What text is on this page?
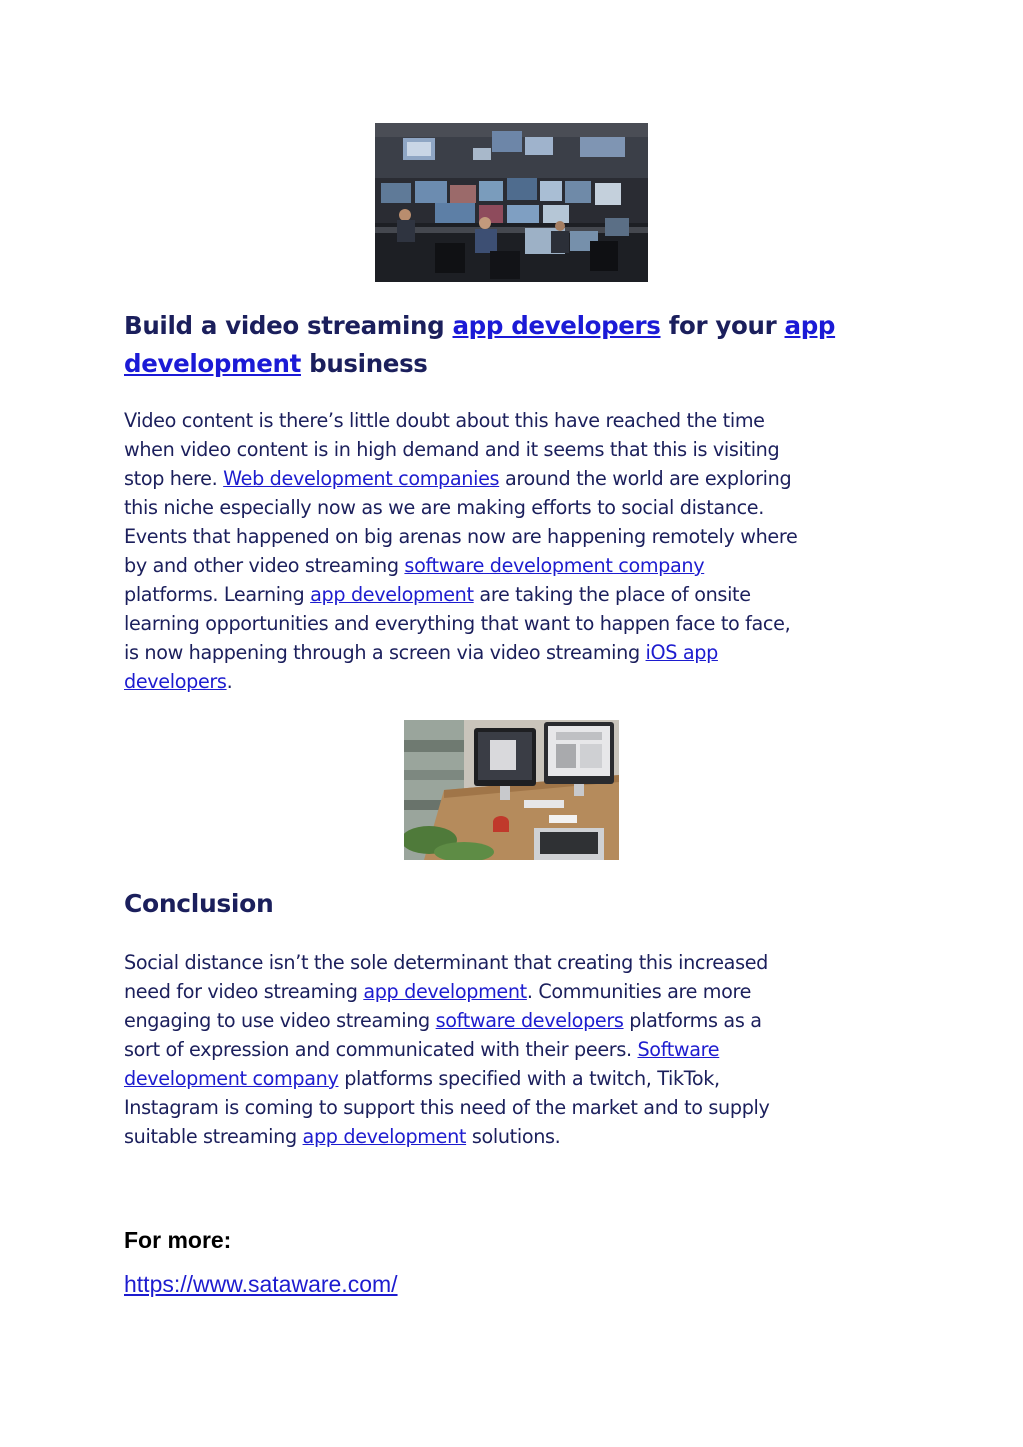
Build a video streaming app developers for your app
development business

Video content is there’s little doubt about this have reached the time
when video content is in high demand and it seems that this is visiting
stop here. Web development companies around the world are exploring
this niche especially now as we are making efforts to social distance.
Events that happened on big arenas now are happening remotely where
by and other video streaming software development company
platforms. Learning app development are taking the place of onsite
learning opportunities and everything that want to happen face to face,
is now happening through a screen via video streaming iOS app
developers.

Conclusion

Social distance isn’t the sole determinant that creating this increased
need for video streaming app development. Communities are more
engaging to use video streaming software developers platforms as a
sort of expression and communicated with their peers. Software
development company platforms specified with a twitch, TikTok,
Instagram is coming to support this need of the market and to supply
suitable streaming app development solutions.

For more:

https://www.sataware.com/
